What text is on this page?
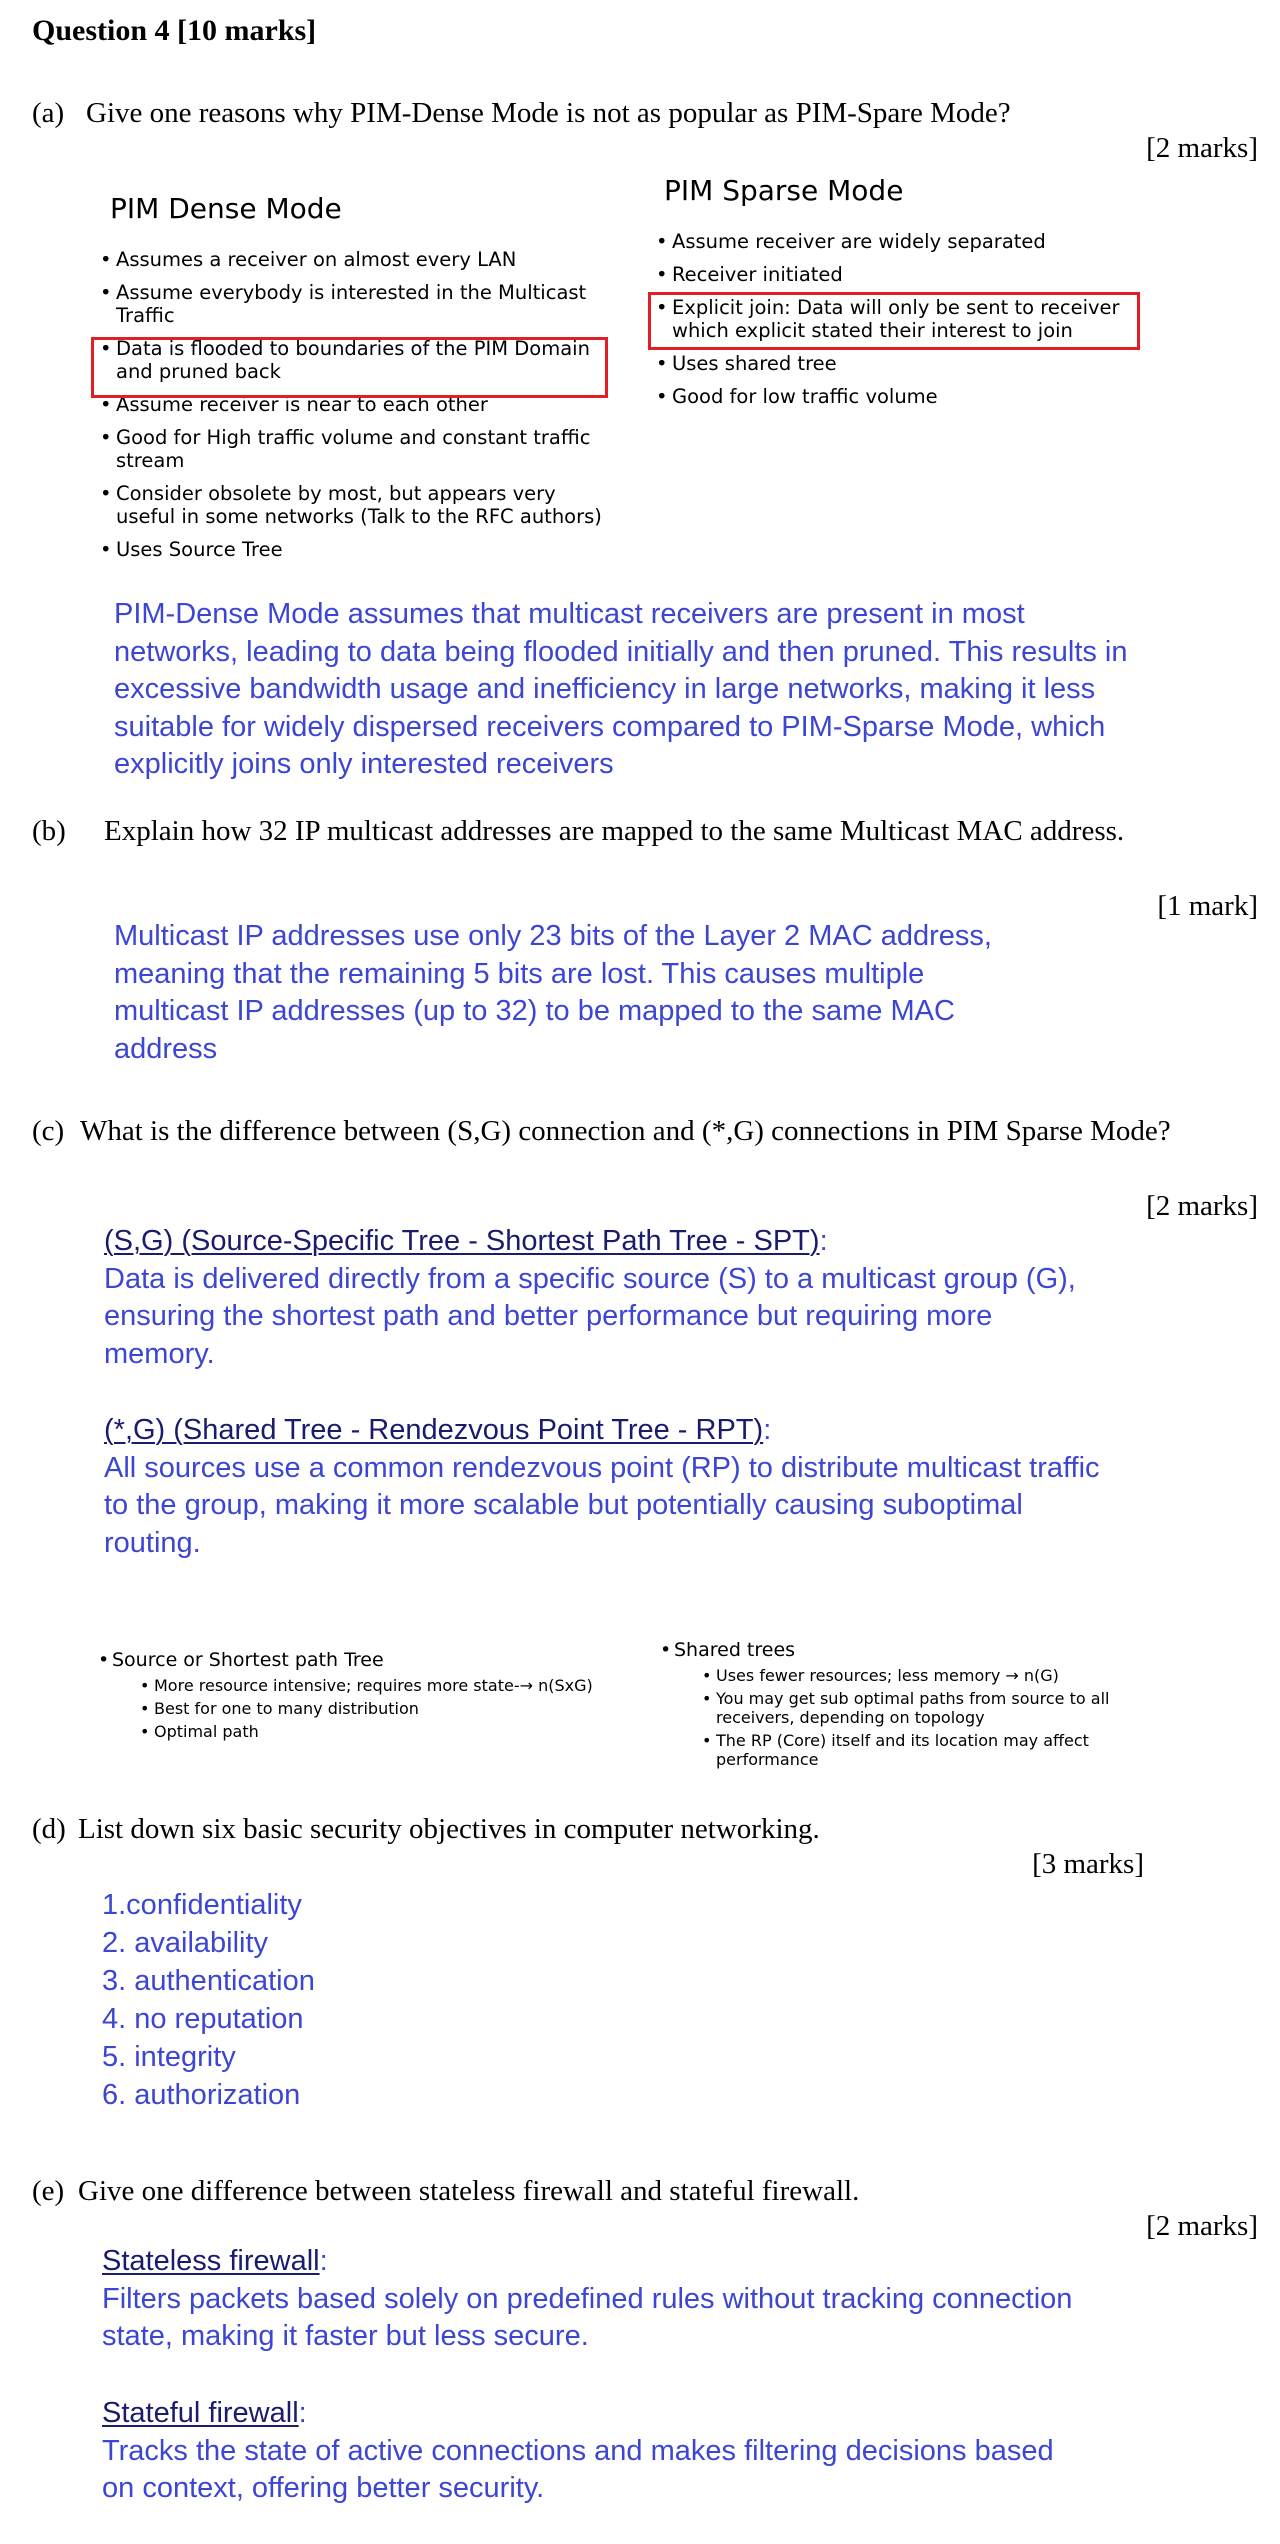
Question 4 [10 marks]
(a) Give one reasons why PIM-Dense Mode is not as popular as PIM-Spare Mode?
[2 marks]
PIM Dense Mode
• Assumes a receiver on almost every LAN
• Assume everybody is interested in the Multicast Traffic
• Data is flooded to boundaries of the PIM Domain and pruned back
• Assume receiver is near to each other
• Good for High traffic volume and constant traffic stream
• Consider obsolete by most, but appears very useful in some networks (Talk to the RFC authors)
• Uses Source Tree
PIM Sparse Mode
• Assume receiver are widely separated
• Receiver initiated
• Explicit join: Data will only be sent to receiver which explicit stated their interest to join
• Uses shared tree
• Good for low traffic volume
PIM-Dense Mode assumes that multicast receivers are present in most networks, leading to data being flooded initially and then pruned. This results in excessive bandwidth usage and inefficiency in large networks, making it less suitable for widely dispersed receivers compared to PIM-Sparse Mode, which explicitly joins only interested receivers
(b) Explain how 32 IP multicast addresses are mapped to the same Multicast MAC address.
[1 mark]
Multicast IP addresses use only 23 bits of the Layer 2 MAC address, meaning that the remaining 5 bits are lost. This causes multiple multicast IP addresses (up to 32) to be mapped to the same MAC address
(c) What is the difference between (S,G) connection and (*,G) connections in PIM Sparse Mode?
[2 marks]
(S,G) (Source-Specific Tree - Shortest Path Tree - SPT):
Data is delivered directly from a specific source (S) to a multicast group (G), ensuring the shortest path and better performance but requiring more memory.
(*,G) (Shared Tree - Rendezvous Point Tree - RPT):
All sources use a common rendezvous point (RP) to distribute multicast traffic to the group, making it more scalable but potentially causing suboptimal routing.
• Source or Shortest path Tree
• More resource intensive; requires more state-→ n(SxG)
• Best for one to many distribution
• Optimal path
• Shared trees
• Uses fewer resources; less memory → n(G)
• You may get sub optimal paths from source to all receivers, depending on topology
• The RP (Core) itself and its location may affect performance
(d) List down six basic security objectives in computer networking.
[3 marks]
1.confidentiality
2. availability
3. authentication
4. no reputation
5. integrity
6. authorization
(e) Give one difference between stateless firewall and stateful firewall.
[2 marks]
Stateless firewall:
Filters packets based solely on predefined rules without tracking connection state, making it faster but less secure.
Stateful firewall:
Tracks the state of active connections and makes filtering decisions based on context, offering better security.
